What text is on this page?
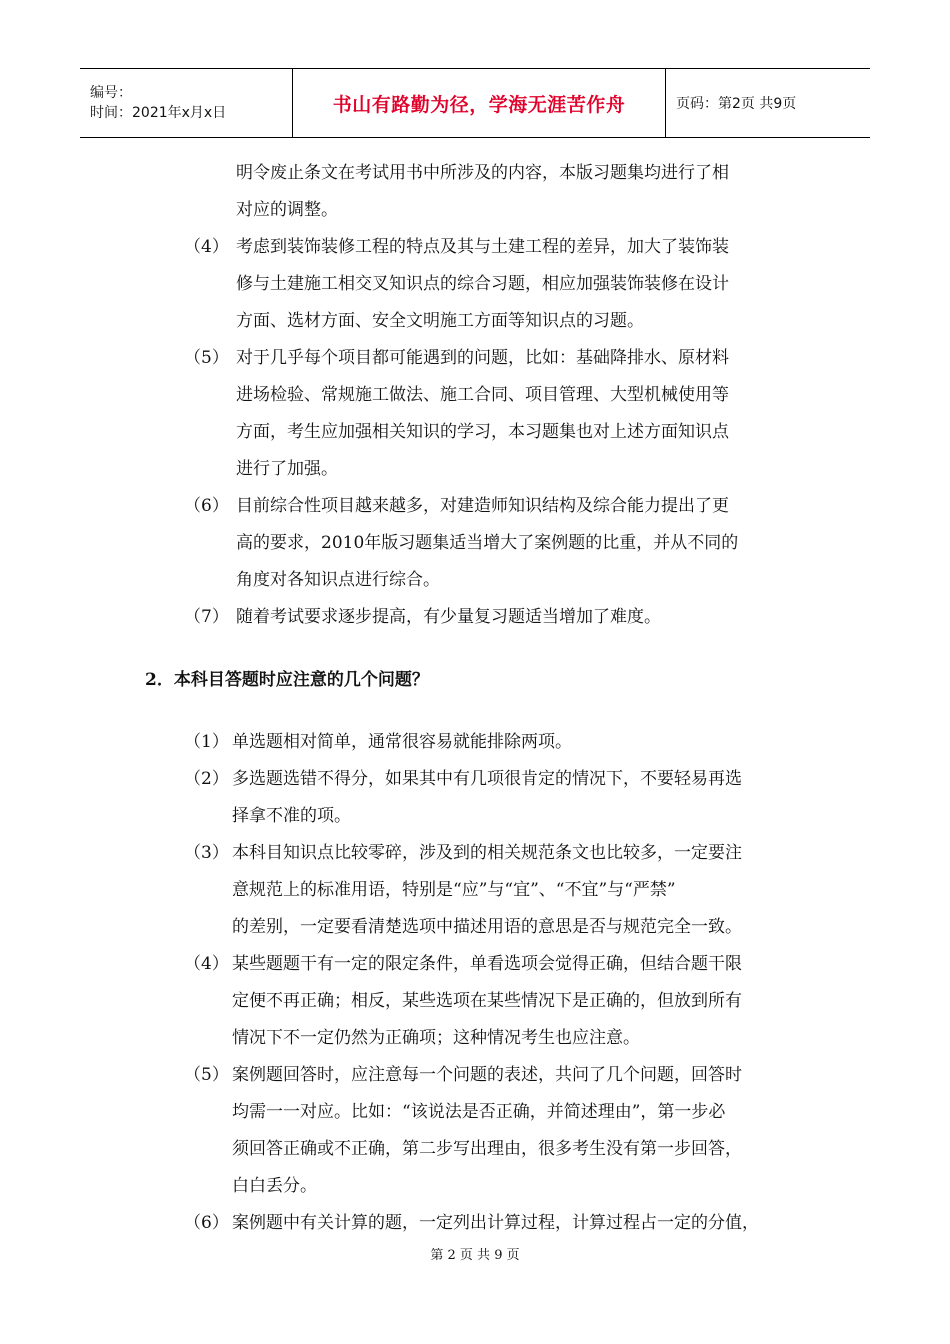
编号：
时间：2021年x月x日	书山有路勤为径，学海无涯苦作舟	页码：第2页 共9页
明令废止条文在考试用书中所涉及的内容，本版习题集均进行了相
对应的调整。
（4） 考虑到装饰装修工程的特点及其与土建工程的差异，加大了装饰装
修与土建施工相交叉知识点的综合习题，相应加强装饰装修在设计
方面、选材方面、安全文明施工方面等知识点的习题。
（5） 对于几乎每个项目都可能遇到的问题，比如：基础降排水、原材料
进场检验、常规施工做法、施工合同、项目管理、大型机械使用等
方面，考生应加强相关知识的学习，本习题集也对上述方面知识点
进行了加强。
（6） 目前综合性项目越来越多，对建造师知识结构及综合能力提出了更
高的要求，2010年版习题集适当增大了案例题的比重，并从不同的
角度对各知识点进行综合。
（7） 随着考试要求逐步提高，有少量复习题适当增加了难度。
2．本科目答题时应注意的几个问题？
（1） 单选题相对简单，通常很容易就能排除两项。
（2） 多选题选错不得分，如果其中有几项很肯定的情况下，不要轻易再选
择拿不准的项。
（3） 本科目知识点比较零碎，涉及到的相关规范条文也比较多，一定要注
意规范上的标准用语，特别是“应”与“宜”、“不宜”与“严禁”
的差别，一定要看清楚选项中描述用语的意思是否与规范完全一致。
（4） 某些题题干有一定的限定条件，单看选项会觉得正确，但结合题干限
定便不再正确；相反，某些选项在某些情况下是正确的，但放到所有
情况下不一定仍然为正确项；这种情况考生也应注意。
（5） 案例题回答时，应注意每一个问题的表述，共问了几个问题，回答时
均需一一对应。比如：“该说法是否正确，并简述理由”，第一步必
须回答正确或不正确，第二步写出理由，很多考生没有第一步回答，
白白丢分。
（6） 案例题中有关计算的题，一定列出计算过程，计算过程占一定的分值，
第 2 页 共 9 页
